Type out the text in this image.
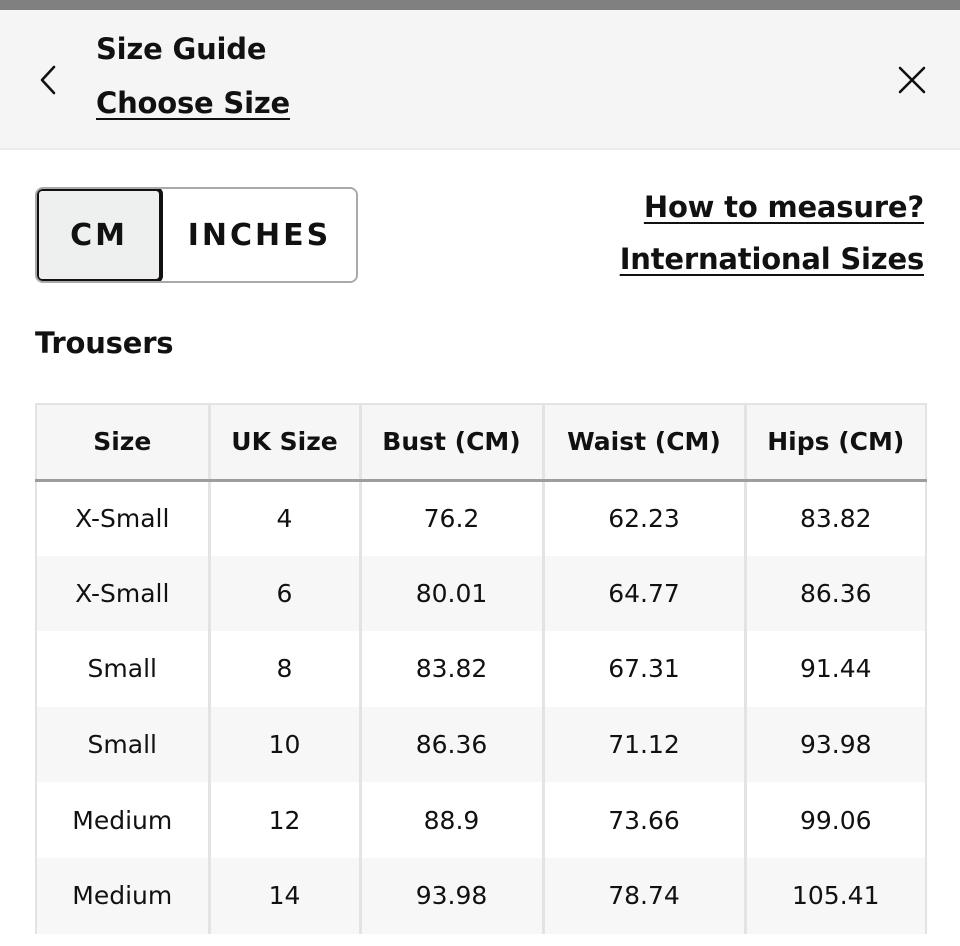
Size Guide
Choose Size
CM	INCHES
How to measure?
International Sizes
Trousers
Size	UK Size	Bust (CM)	Waist (CM)	Hips (CM)
X-Small	4	76.2	62.23	83.82
X-Small	6	80.01	64.77	86.36
Small	8	83.82	67.31	91.44
Small	10	86.36	71.12	93.98
Medium	12	88.9	73.66	99.06
Medium	14	93.98	78.74	105.41
